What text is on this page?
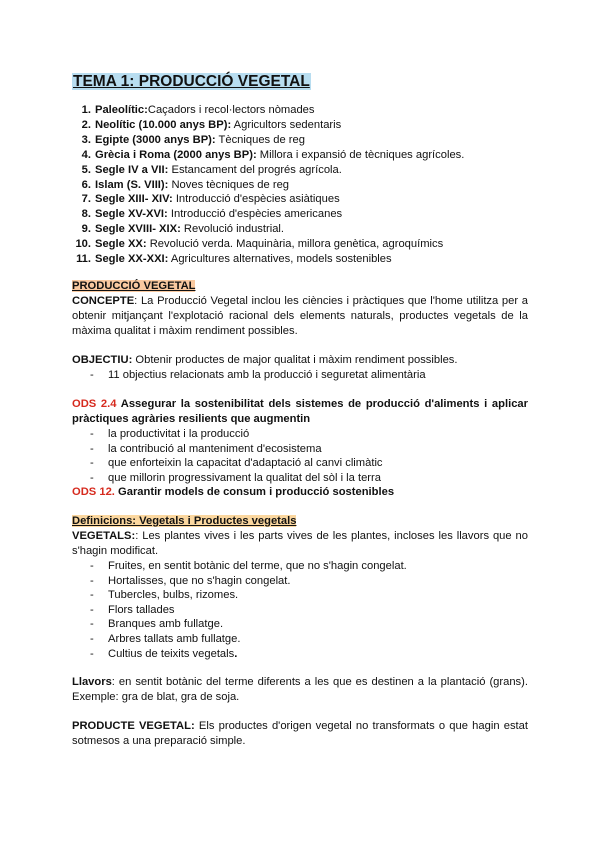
TEMA 1: PRODUCCIÓ VEGETAL
1. Paleolític:Caçadors i recol·lectors nòmades
2. Neolític (10.000 anys BP): Agricultors sedentaris
3. Egipte (3000 anys BP): Tècniques de reg
4. Grècia i Roma (2000 anys BP): Millora i expansió de tècniques agrícoles.
5. Segle IV a VII: Estancament del progrés agrícola.
6. Islam (S. VIII): Noves tècniques de reg
7. Segle XIII- XIV: Introducció d'espècies asiàtiques
8. Segle XV-XVI: Introducció d'espècies americanes
9. Segle XVIII- XIX: Revolució industrial.
10. Segle XX: Revolució verda. Maquinària, millora genètica, agroquímics
11. Segle XX-XXI: Agricultures alternatives, models sostenibles
PRODUCCIÓ VEGETAL
CONCEPTE: La Producció Vegetal inclou les ciències i pràctiques que l'home utilitza per a obtenir mitjançant l'explotació racional dels elements naturals, productes vegetals de la màxima qualitat i màxim rendiment possibles.
OBJECTIU: Obtenir productes de major qualitat i màxim rendiment possibles.
- 11 objectius relacionats amb la producció i seguretat alimentària
ODS 2.4 Assegurar la sostenibilitat dels sistemes de producció d'aliments i aplicar pràctiques agràries resilients que augmentin
- la productivitat i la producció
- la contribució al manteniment d'ecosistema
- que enforteixin la capacitat d'adaptació al canvi climàtic
- que millorin progressivament la qualitat del sòl i la terra
ODS 12. Garantir models de consum i producció sostenibles
Definicions: Vegetals i Productes vegetals
VEGETALS:: Les plantes vives i les parts vives de les plantes, incloses les llavors que no s'hagin modificat.
- Fruites, en sentit botànic del terme, que no s'hagin congelat.
- Hortalisses, que no s'hagin congelat.
- Tubercles, bulbs, rizomes.
- Flors tallades
- Branques amb fullatge.
- Arbres tallats amb fullatge.
- Cultius de teixits vegetals.
Llavors: en sentit botànic del terme diferents a les que es destinen a la plantació (grans). Exemple: gra de blat, gra de soja.
PRODUCTE VEGETAL: Els productes d'origen vegetal no transformats o que hagin estat sotmesos a una preparació simple.
